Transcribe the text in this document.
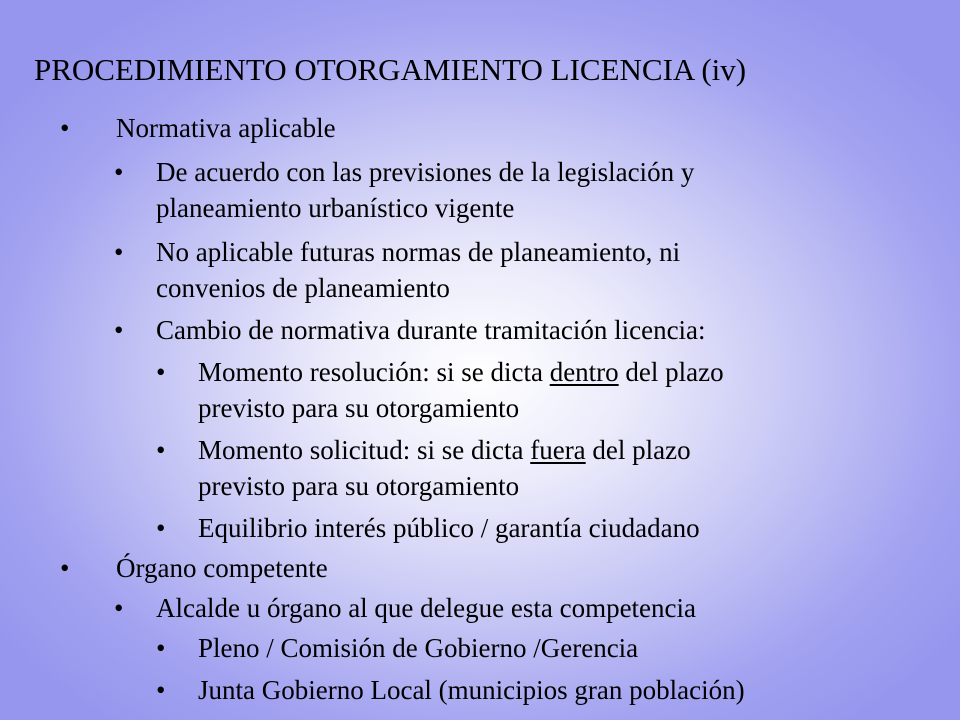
PROCEDIMIENTO OTORGAMIENTO LICENCIA (iv)
• Normativa aplicable
• De acuerdo con las previsiones de la legislación y
planeamiento urbanístico vigente
• No aplicable futuras normas de planeamiento, ni
convenios de planeamiento
• Cambio de normativa durante tramitación licencia:
• Momento resolución: si se dicta dentro del plazo
previsto para su otorgamiento
• Momento solicitud: si se dicta fuera del plazo
previsto para su otorgamiento
• Equilibrio interés público / garantía ciudadano
• Órgano competente
• Alcalde u órgano al que delegue esta competencia
• Pleno / Comisión de Gobierno /Gerencia
• Junta Gobierno Local (municipios gran población)
